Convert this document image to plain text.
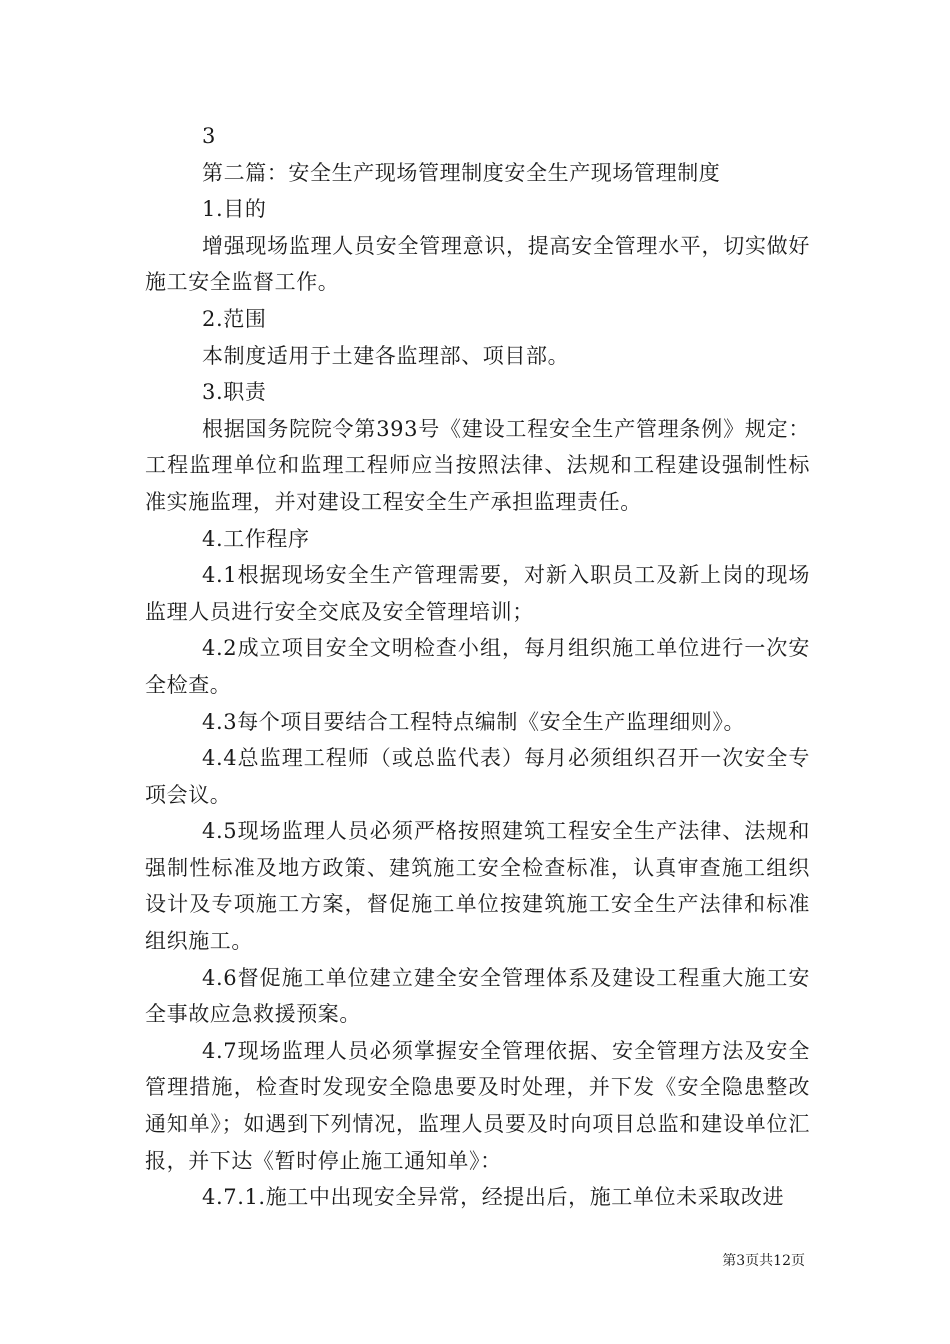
3

第二篇：安全生产现场管理制度安全生产现场管理制度

1.目的

增强现场监理人员安全管理意识，提高安全管理水平，切实做好施工安全监督工作。

2.范围

本制度适用于土建各监理部、项目部。

3.职责

根据国务院院令第393号《建设工程安全生产管理条例》规定：工程监理单位和监理工程师应当按照法律、法规和工程建设强制性标准实施监理，并对建设工程安全生产承担监理责任。

4.工作程序

4.1根据现场安全生产管理需要，对新入职员工及新上岗的现场监理人员进行安全交底及安全管理培训；

4.2成立项目安全文明检查小组，每月组织施工单位进行一次安全检查。

4.3每个项目要结合工程特点编制《安全生产监理细则》。

4.4总监理工程师（或总监代表）每月必须组织召开一次安全专项会议。

4.5现场监理人员必须严格按照建筑工程安全生产法律、法规和强制性标准及地方政策、建筑施工安全检查标准，认真审查施工组织设计及专项施工方案，督促施工单位按建筑施工安全生产法律和标准组织施工。

4.6督促施工单位建立建全安全管理体系及建设工程重大施工安全事故应急救援预案。

4.7现场监理人员必须掌握安全管理依据、安全管理方法及安全管理措施，检查时发现安全隐患要及时处理，并下发《安全隐患整改通知单》；如遇到下列情况，监理人员要及时向项目总监和建设单位汇报，并下达《暂时停止施工通知单》：

4.7.1.施工中出现安全异常，经提出后，施工单位未采取改进

第3页共12页
